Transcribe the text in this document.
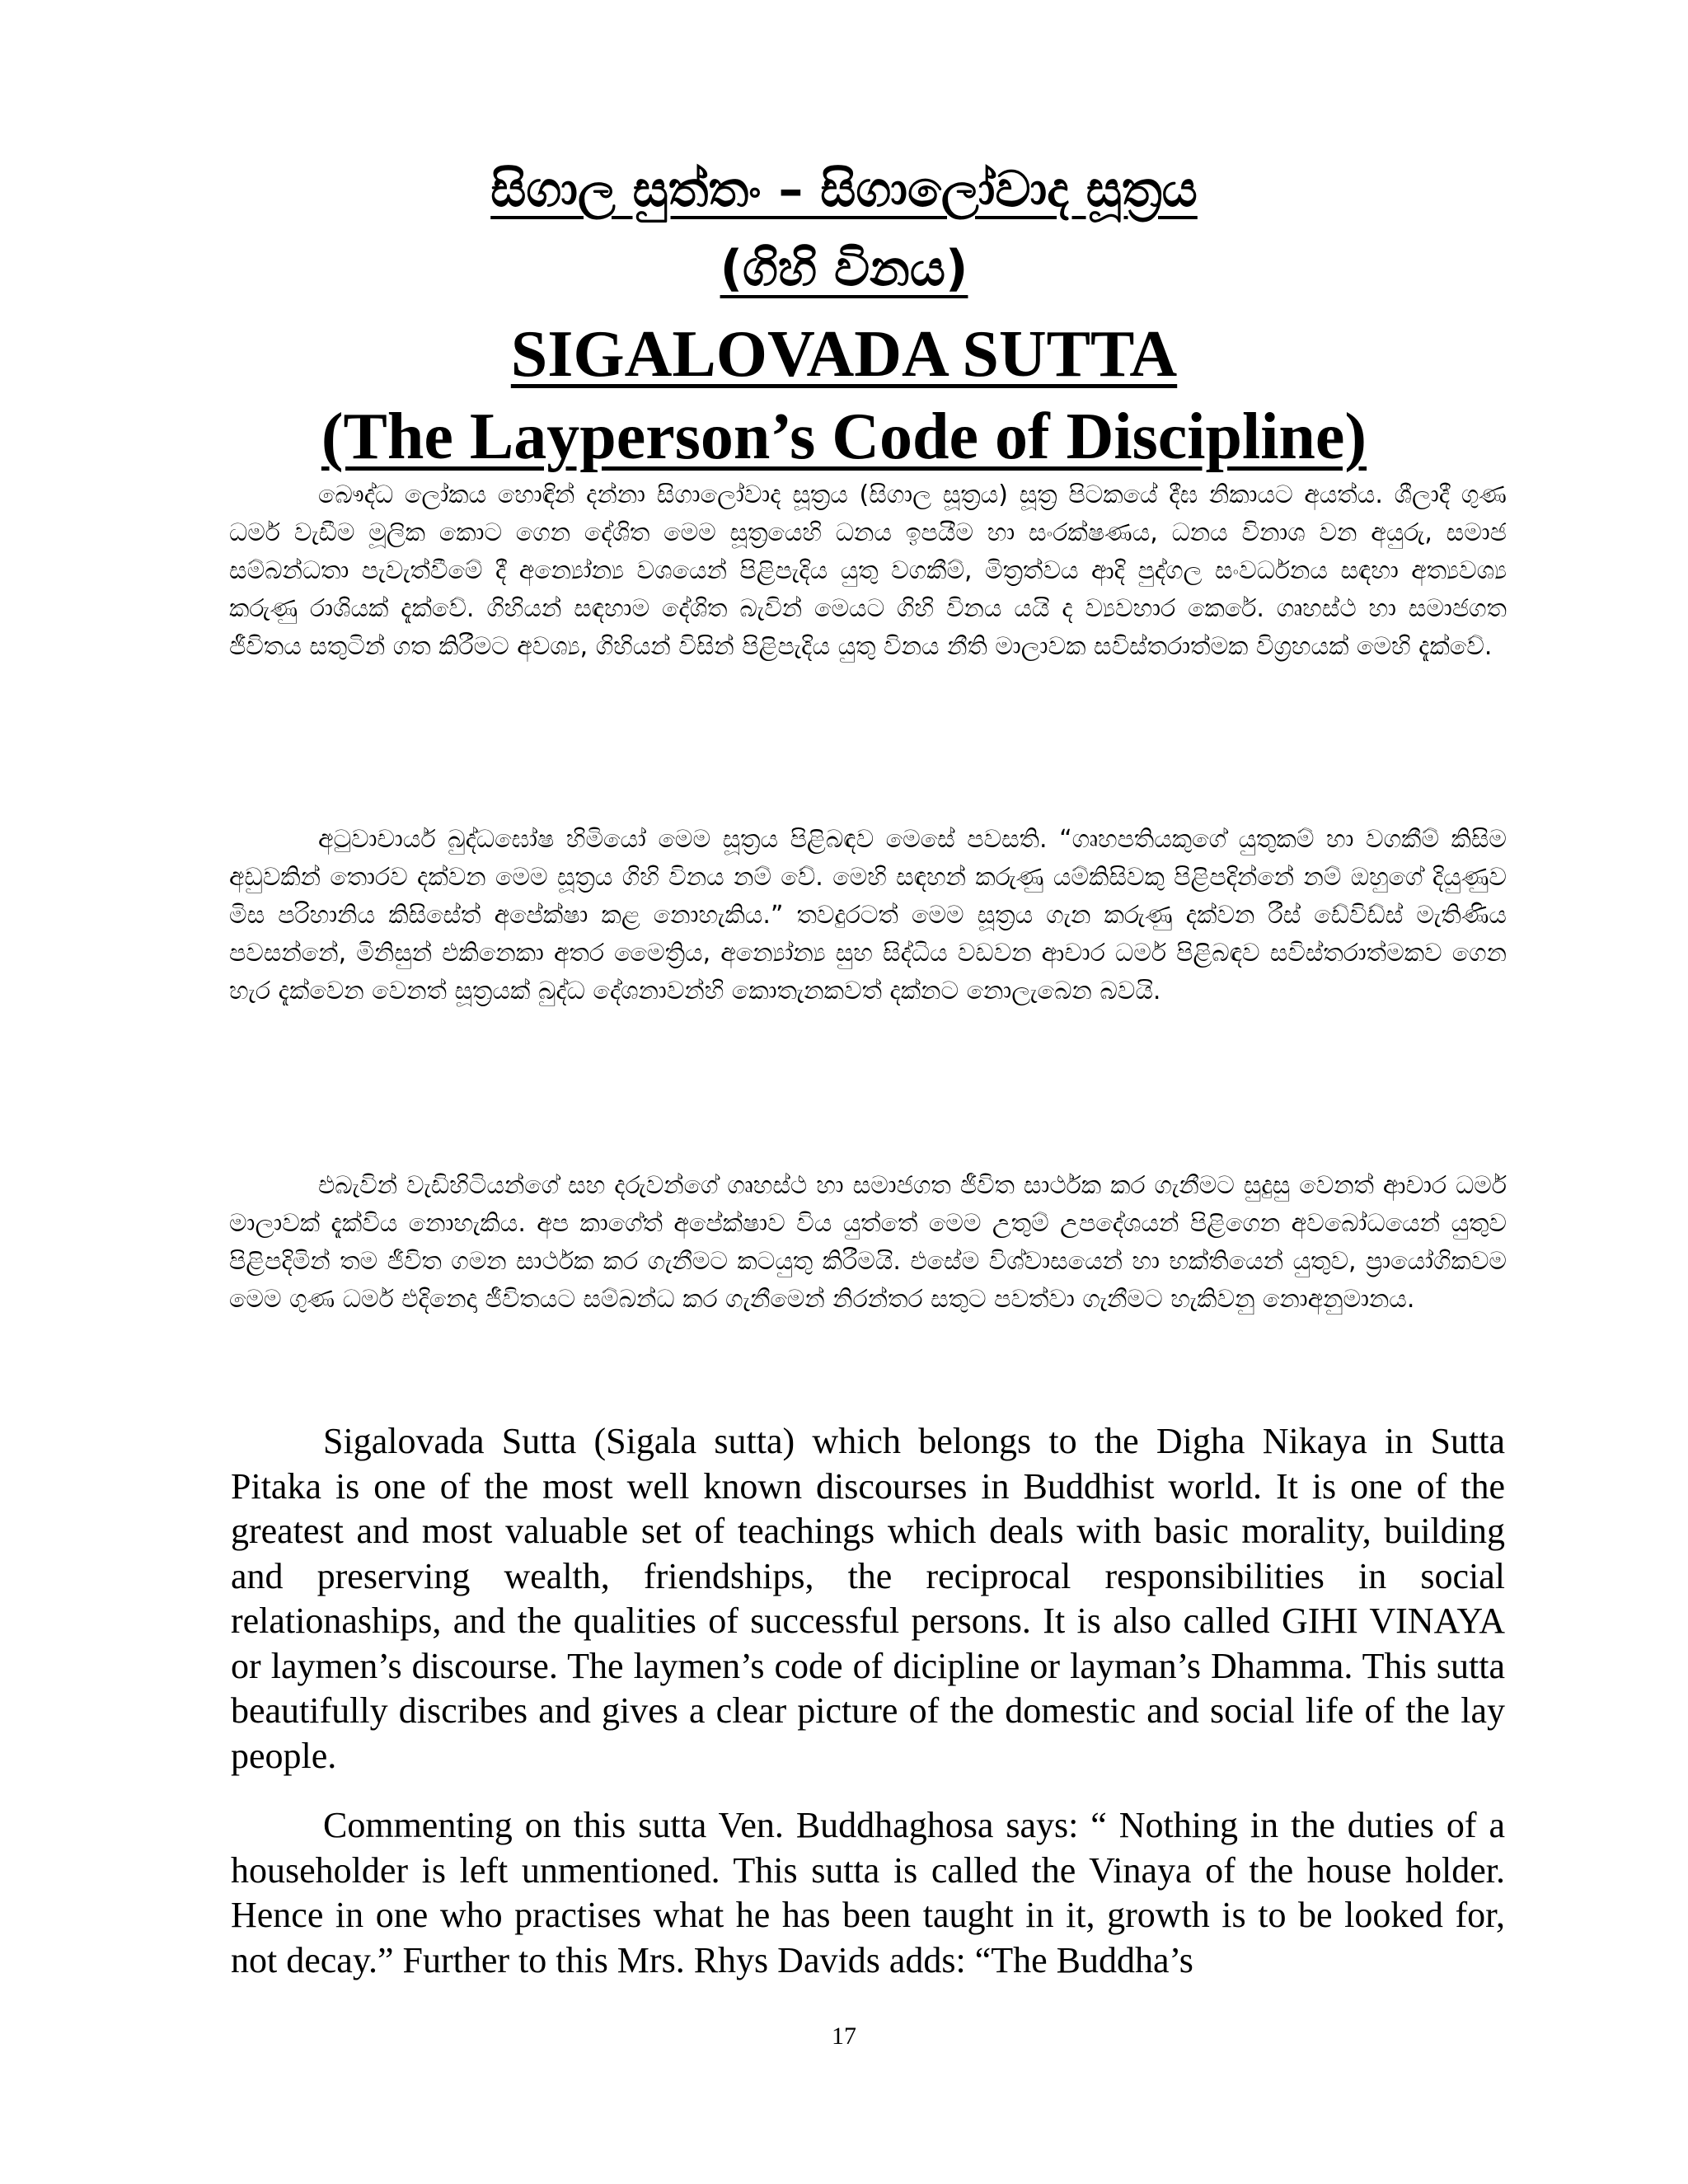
සිගාල සුත්තං – සිගාලෝවාද සූත්‍රය
(ගිහි විනය)
SIGALOVADA SUTTA
(The Layperson’s Code of Discipline)

බෞද්ධ ලෝකය හොඳින් දන්නා සිගාලෝවාද සූත්‍රය (සිගාල සූත්‍රය) සූත්‍ර පිටකයේ දීඝ නිකායට අයත්ය. ශීලාදී ගුණ ධර්ම වැඩීම මූලික කොට ගෙන දේශිත මෙම සූත්‍රයෙහි ධනය ඉපයීම හා සංරක්ෂණය, ධනය විනාශ වන අයුරු, සමාජ සම්බන්ධතා පැවැත්වීමේ දී අන්‍යෝන්‍ය වශයෙන් පිළිපැදිය යුතු වගකීම්, මිත්‍රත්වය ආදි පුද්ගල සංවර්ධනය සඳහා අත්‍යවශ්‍ය කරුණු රාශියක් දැක්වේ. ගිහියන් සඳහාම දේශිත බැවින් මෙයට ගිහි විනය යයි ද ව්‍යවහාර කෙරේ. ගෘහස්ථ හා සමාජගත ජීවිතය සතුටින් ගත කිරීමට අවශ්‍ය, ගිහියන් විසින් පිළිපැදිය යුතු විනය නීති මාලාවක සවිස්තරාත්මක විග්‍රහයක් මෙහි දැක්වේ.

අටුවාචාර්ය බුද්ධඝෝෂ හිමියෝ මෙම සූත්‍රය පිළිබඳව මෙසේ පවසති. “ගෘහපතියකුගේ යුතුකම් හා වගකීම් කිසිම අඩුවකින් තොරව දක්වන මෙම සූත්‍රය ගිහි විනය නම් වේ. මෙහි සඳහන් කරුණු යම්කිසිවකු පිළිපදින්නේ නම් ඔහුගේ දියුණුව මිස පරිහානිය කිසිසේත් අපේක්ෂා කළ නොහැකිය.” තවදුරටත් මෙම සූත්‍රය ගැන කරුණු දක්වන රීස් ඩේවිඩ්ස් මැතිණිය පවසන්නේ, මිනිසුන් එකිනෙකා අතර මෛත්‍රිය, අන්‍යෝන්‍ය සුහ සිද්ධිය වඩවන ආචාර ධර්ම පිළිබඳව සවිස්තරාත්මකව ගෙන හැර දැක්වෙන වෙනත් සූත්‍රයක් බුද්ධ දේශනාවන්හි කොතැනකවත් දක්නට නොලැබෙන බවයි.

එබැවින් වැඩිහිටියන්ගේ සහ දරුවන්ගේ ගෘහස්ථ හා සමාජගත ජීවිත සාර්ථක කර ගැනීමට සුදුසු වෙනත් ආචාර ධර්ම මාලාවක් දැක්විය නොහැකිය. අප කාගේත් අපේක්ෂාව විය යුත්තේ මෙම උතුම් උපදේශයන් පිළිගෙන අවබෝධයෙන් යුතුව පිළිපදිමින් තම ජීවිත ගමන සාර්ථක කර ගැනීමට කටයුතු කිරීමයි. එසේම විශ්වාසයෙන් හා භක්තියෙන් යුතුව, ප්‍රායෝගිකවම මෙම ගුණ ධර්ම එදිනෙදා ජීවිතයට සම්බන්ධ කර ගැනීමෙන් නිරන්තර සතුට පවත්වා ගැනීමට හැකිවනු නොඅනුමානය.

Sigalovada Sutta (Sigala sutta) which belongs to the Digha Nikaya in Sutta Pitaka is one of the most well known discourses in Buddhist world. It is one of the greatest and most valuable set of teachings which deals with basic morality, building and preserving wealth, friendships, the reciprocal responsibilities in social relationaships, and the qualities of successful persons. It is also called GIHI VINAYA or laymen’s discourse. The laymen’s code of dicipline or layman’s Dhamma. This sutta beautifully discribes and gives a clear picture of the domestic and social life of the lay people.

Commenting on this sutta Ven. Buddhaghosa says: “ Nothing in the duties of a householder is left unmentioned. This sutta is called the Vinaya of the house holder. Hence in one who practises what he has been taught in it, growth is to be looked for, not decay.” Further to this Mrs. Rhys Davids adds: “The Buddha’s

17
